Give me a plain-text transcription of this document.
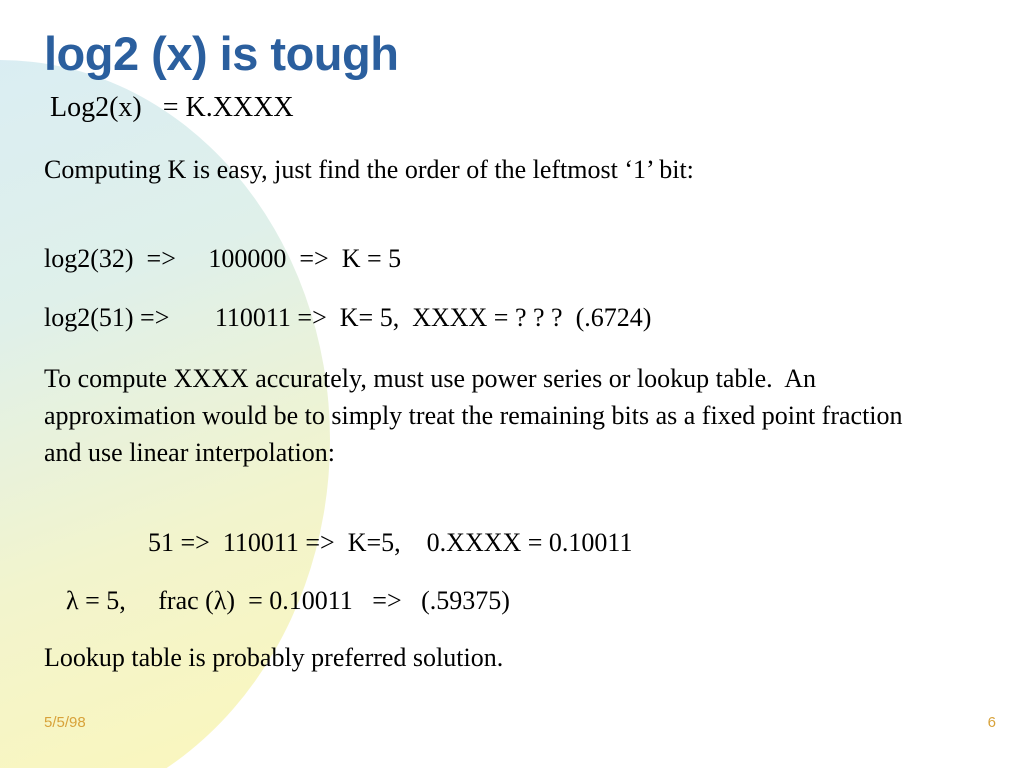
log2 (x) is tough
Log2(x)   = K.XXXX
Computing K is easy, just find the order of the leftmost ‘1’ bit:
log2(32)  =>     100000  =>  K = 5
log2(51) =>       110011 =>  K= 5,  XXXX = ? ? ?  (.6724)
To compute XXXX accurately, must use power series or lookup table.  An approximation would be to simply treat the remaining bits as a fixed point fraction and use linear interpolation:
51 =>  110011 =>  K=5,    0.XXXX = 0.10011
λ = 5,     frac (λ)  = 0.10011   =>   (.59375)
Lookup table is probably preferred solution.
5/5/98	6
